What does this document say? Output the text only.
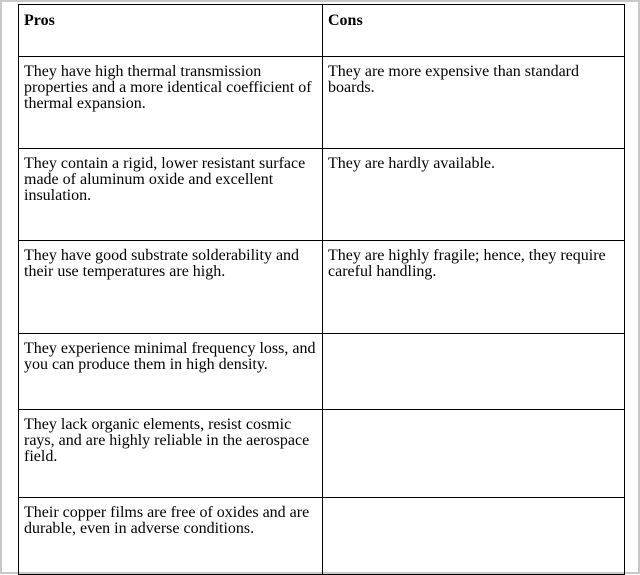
Pros	Cons
They have high thermal transmission properties and a more identical coefficient of thermal expansion.	They are more expensive than standard boards.
They contain a rigid, lower resistant surface made of aluminum oxide and excellent insulation.	They are hardly available.
They have good substrate solderability and their use temperatures are high.	They are highly fragile; hence, they require careful handling.
They experience minimal frequency loss, and you can produce them in high density.	
They lack organic elements, resist cosmic rays, and are highly reliable in the aerospace field.	
Their copper films are free of oxides and are durable, even in adverse conditions.	
